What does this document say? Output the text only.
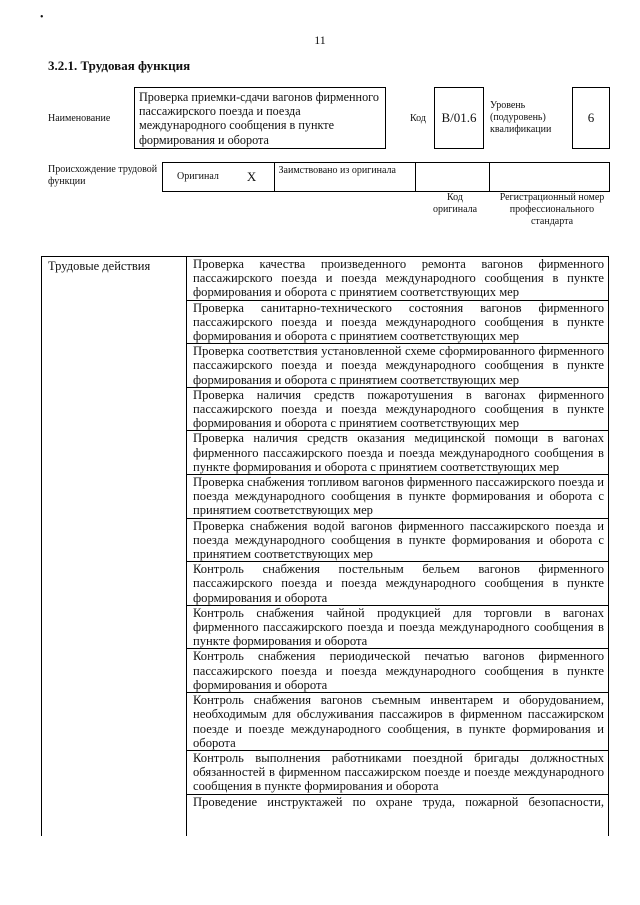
•
11
3.2.1. Трудовая функция
Наименование
Проверка приемки-сдачи вагонов фирменного пассажирского поезда и поезда международного сообщения в пункте формирования и оборота
Код	В/01.6
Уровень (подуровень) квалификации
6
Происхождение трудовой функции	Оригинал X	Заимствовано из оригинала
Код оригинала
Регистрационный номер профессионального стандарта
Трудовые действия	Проверка качества произведенного ремонта вагонов фирменного пассажирского поезда и поезда международного сообщения в пункте формирования и оборота с принятием соответствующих мер
Проверка санитарно-технического состояния вагонов фирменного пассажирского поезда и поезда международного сообщения в пункте формирования и оборота с принятием соответствующих мер
Проверка соответствия установленной схеме сформированного фирменного пассажирского поезда и поезда международного сообщения в пункте формирования и оборота с принятием соответствующих мер
Проверка наличия средств пожаротушения в вагонах фирменного пассажирского поезда и поезда международного сообщения в пункте формирования и оборота с принятием соответствующих мер
Проверка наличия средств оказания медицинской помощи в вагонах фирменного пассажирского поезда и поезда международного сообщения в пункте формирования и оборота с принятием соответствующих мер
Проверка снабжения топливом вагонов фирменного пассажирского поезда и поезда международного сообщения в пункте формирования и оборота с принятием соответствующих мер
Проверка снабжения водой вагонов фирменного пассажирского поезда и поезда международного сообщения в пункте формирования и оборота с принятием соответствующих мер
Контроль снабжения постельным бельем вагонов фирменного пассажирского поезда и поезда международного сообщения в пункте формирования и оборота
Контроль снабжения чайной продукцией для торговли в вагонах фирменного пассажирского поезда и поезда международного сообщения в пункте формирования и оборота
Контроль снабжения периодической печатью вагонов фирменного пассажирского поезда и поезда международного сообщения в пункте формирования и оборота
Контроль снабжения вагонов съемным инвентарем и оборудованием, необходимым для обслуживания пассажиров в фирменном пассажирском поезде и поезде международного сообщения, в пункте формирования и оборота
Контроль выполнения работниками поездной бригады должностных обязанностей в фирменном пассажирском поезде и поезде международного сообщения в пункте формирования и оборота
Проведение инструктажей по охране труда, пожарной безопасности,
